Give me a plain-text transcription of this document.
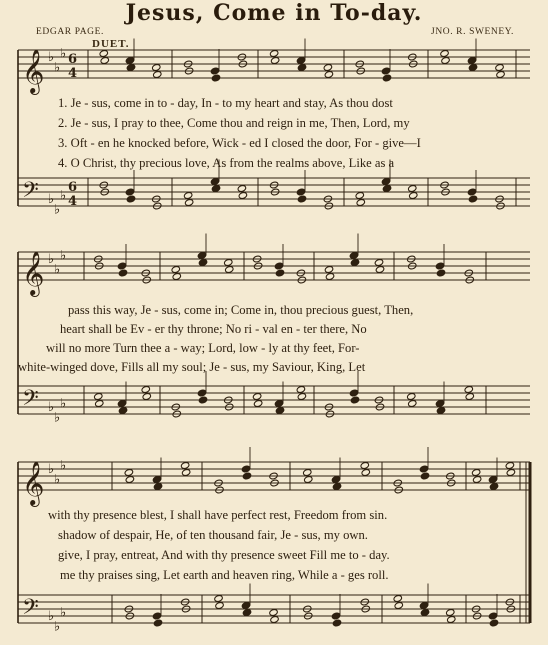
Jesus, Come in To-day.
EDGAR PAGE.	JNO. R. SWENEY.
DUET.
𝄞 ♭
♭
♭ 6
4
𝄢 ♭
♭
♭
6
4
1. Je - sus, come in to - day, In - to my heart and stay, As thou dost
2. Je - sus, I pray to thee, Come thou and reign in me, Then, Lord, my
3. Oft - en he knocked before, Wick - ed I closed the door, For - give—I
4. O Christ, thy precious love, As from the realms above, Like as a
𝄞 ♭
♭
♭
𝄢 ♭
♭
♭
pass this way, Je - sus, come in; Come in, thou precious guest, Then,
heart shall be Ev - er thy throne; No ri - val en - ter there, No
will no more Turn thee a - way; Lord, low - ly at thy feet, For-
white-winged dove, Fills all my soul; Je - sus, my Saviour, King, Let
𝄞 ♭
♭
♭
𝄢 ♭
♭
♭
with thy presence blest, I shall have perfect rest, Freedom from sin.
shadow of despair, He, of ten thousand fair, Je - sus, my own.
give, I pray, entreat, And with thy presence sweet Fill me to - day.
me thy praises sing, Let earth and heaven ring, While a - ges roll.
